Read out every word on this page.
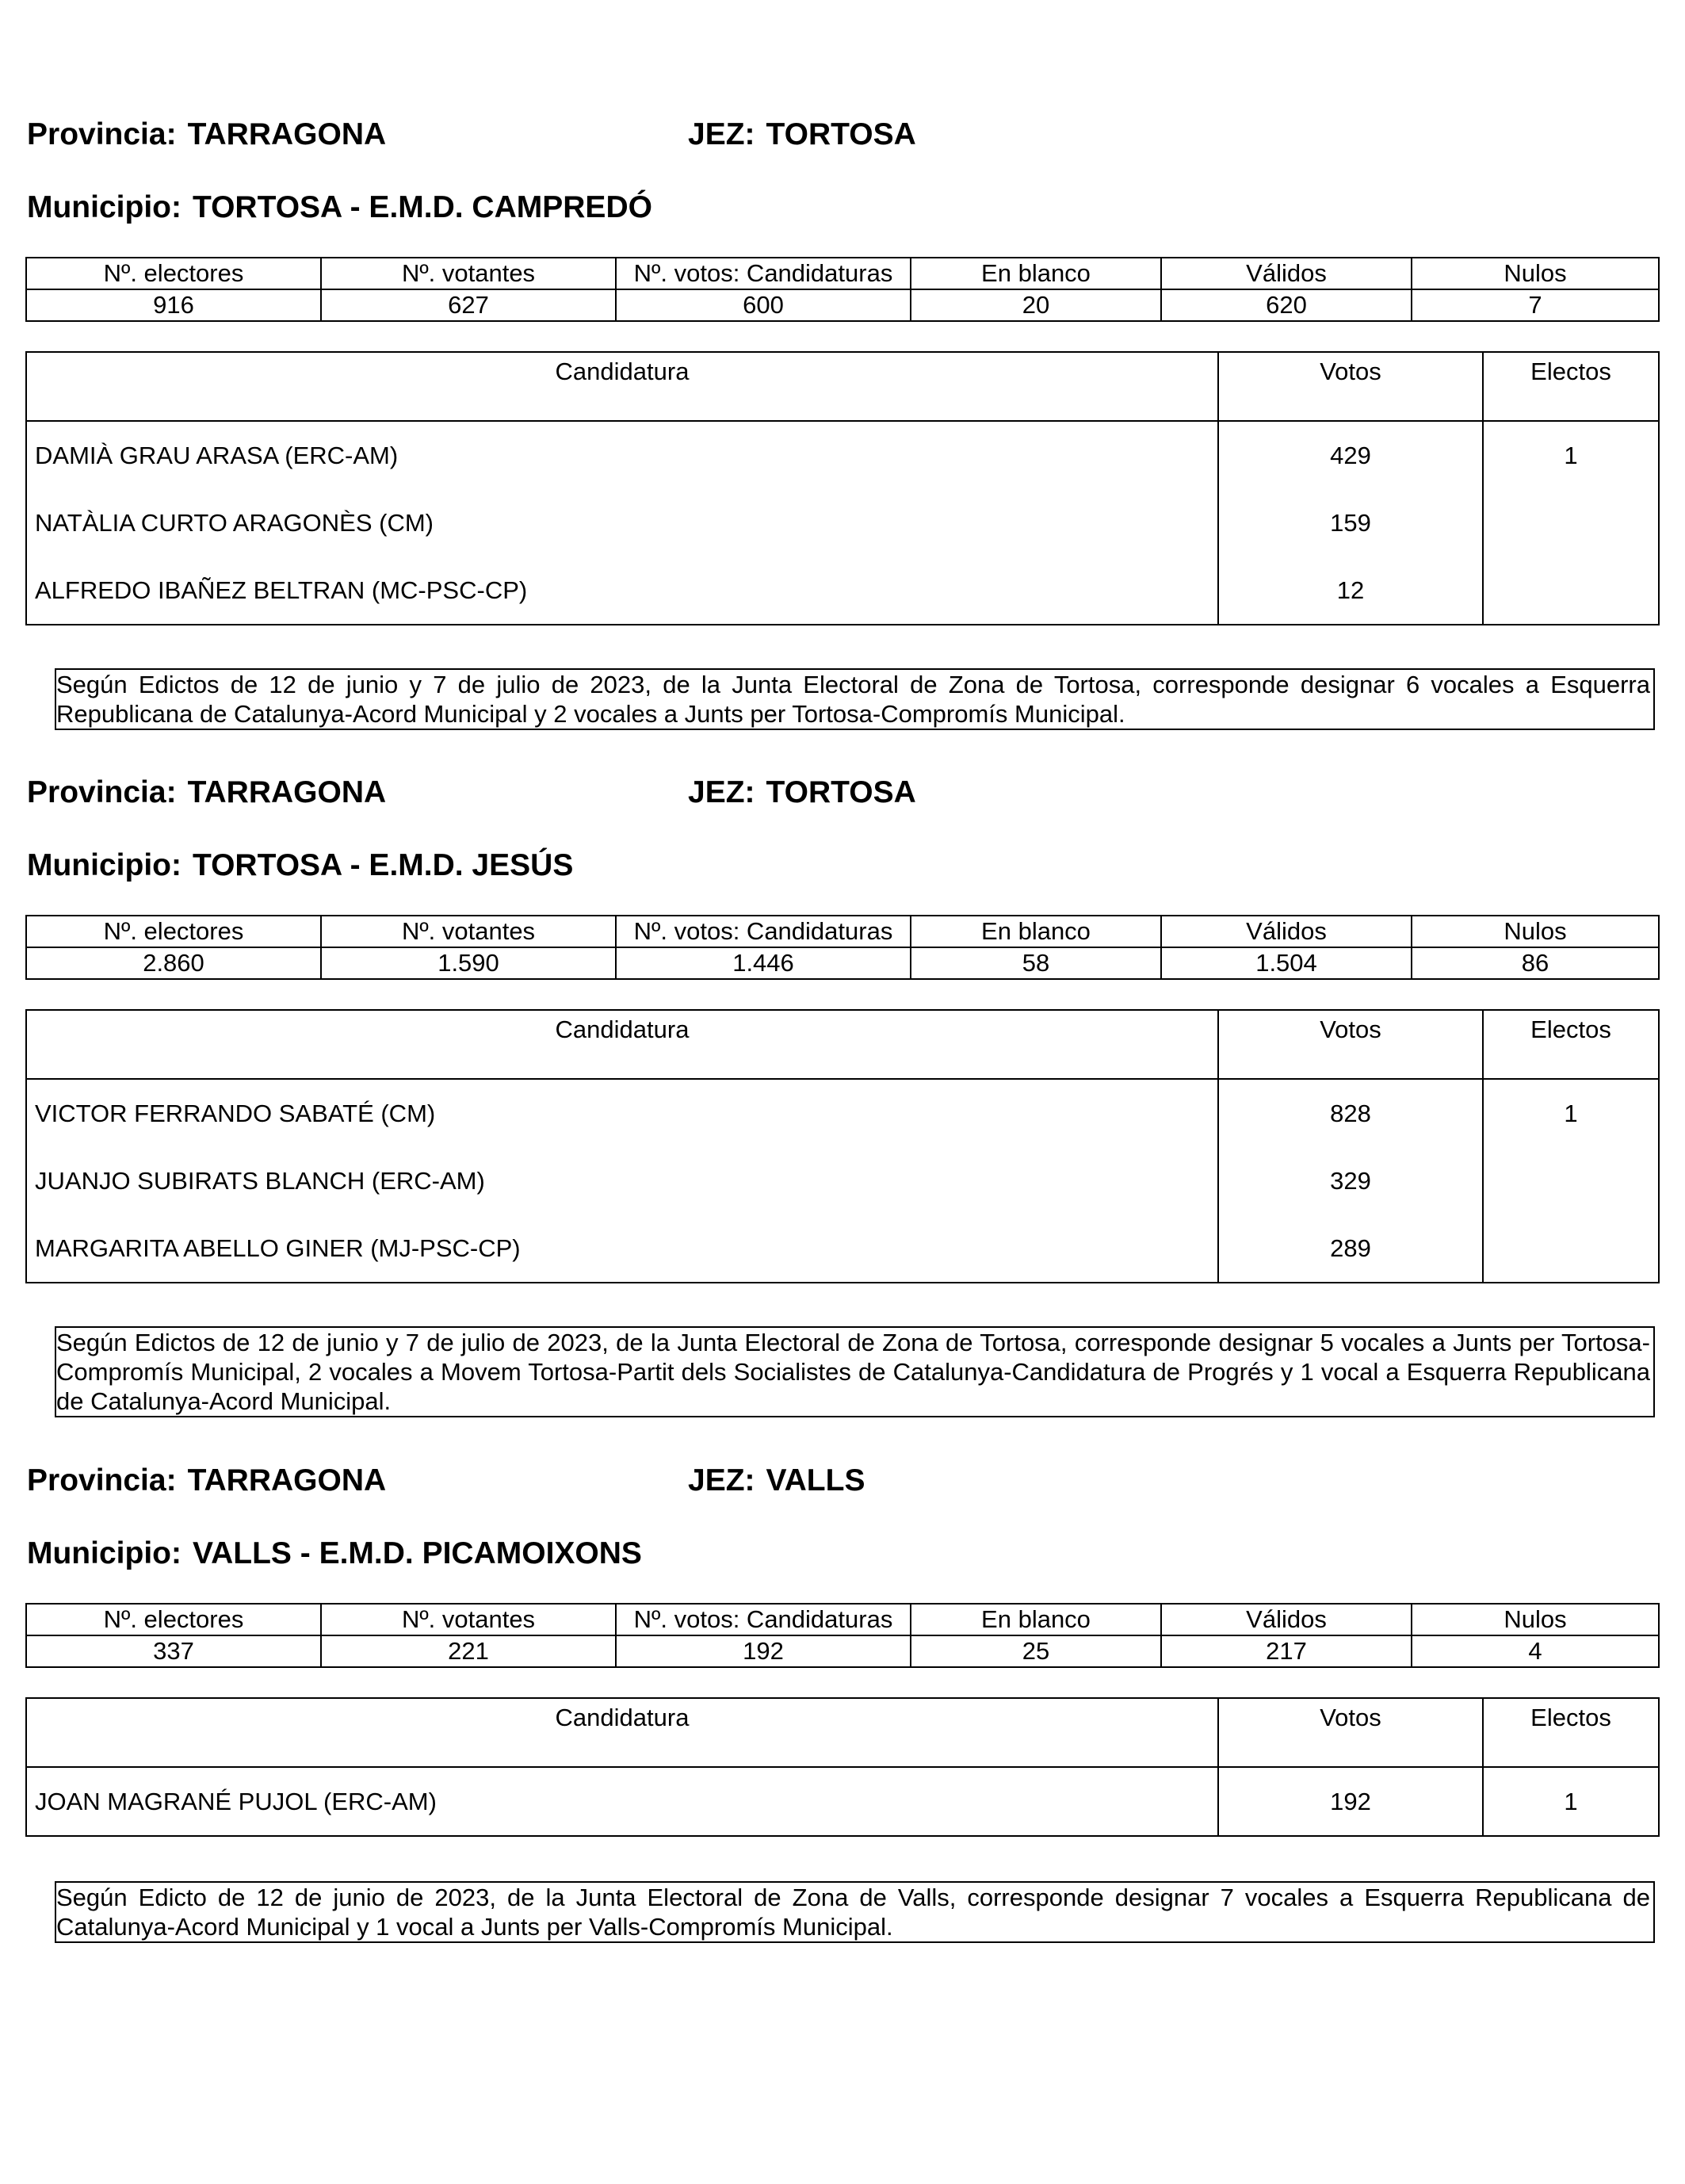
Provincia: TARRAGONA	JEZ: TORTOSA
Municipio: TORTOSA - E.M.D. CAMPREDÓ
Nº. electores	Nº. votantes	Nº. votos: Candidaturas	En blanco	Válidos	Nulos
916	627	600	20	620	7
Candidatura	Votos	Electos
DAMIÀ GRAU ARASA (ERC-AM)	429	1
NATÀLIA CURTO ARAGONÈS (CM)	159	
ALFREDO IBAÑEZ BELTRAN (MC-PSC-CP)	12	
Según Edictos de 12 de junio y 7 de julio de 2023, de la Junta Electoral de Zona de Tortosa, corresponde designar 6 vocales a Esquerra Republicana de Catalunya-Acord Municipal y 2 vocales a Junts per Tortosa-Compromís Municipal.
Provincia: TARRAGONA	JEZ: TORTOSA
Municipio: TORTOSA - E.M.D. JESÚS
Nº. electores	Nº. votantes	Nº. votos: Candidaturas	En blanco	Válidos	Nulos
2.860	1.590	1.446	58	1.504	86
Candidatura	Votos	Electos
VICTOR FERRANDO SABATÉ (CM)	828	1
JUANJO SUBIRATS BLANCH (ERC-AM)	329	
MARGARITA ABELLO GINER (MJ-PSC-CP)	289	
Según Edictos de 12 de junio y 7 de julio de 2023, de la Junta Electoral de Zona de Tortosa, corresponde designar 5 vocales a Junts per Tortosa-Compromís Municipal, 2 vocales a Movem Tortosa-Partit dels Socialistes de Catalunya-Candidatura de Progrés y 1 vocal a Esquerra Republicana de Catalunya-Acord Municipal.
Provincia: TARRAGONA	JEZ: VALLS
Municipio: VALLS - E.M.D. PICAMOIXONS
Nº. electores	Nº. votantes	Nº. votos: Candidaturas	En blanco	Válidos	Nulos
337	221	192	25	217	4
Candidatura	Votos	Electos
JOAN MAGRANÉ PUJOL (ERC-AM)	192	1
Según Edicto de 12 de junio de 2023, de la Junta Electoral de Zona de Valls, corresponde designar 7 vocales a Esquerra Republicana de Catalunya-Acord Municipal y 1 vocal a Junts per Valls-Compromís Municipal.
